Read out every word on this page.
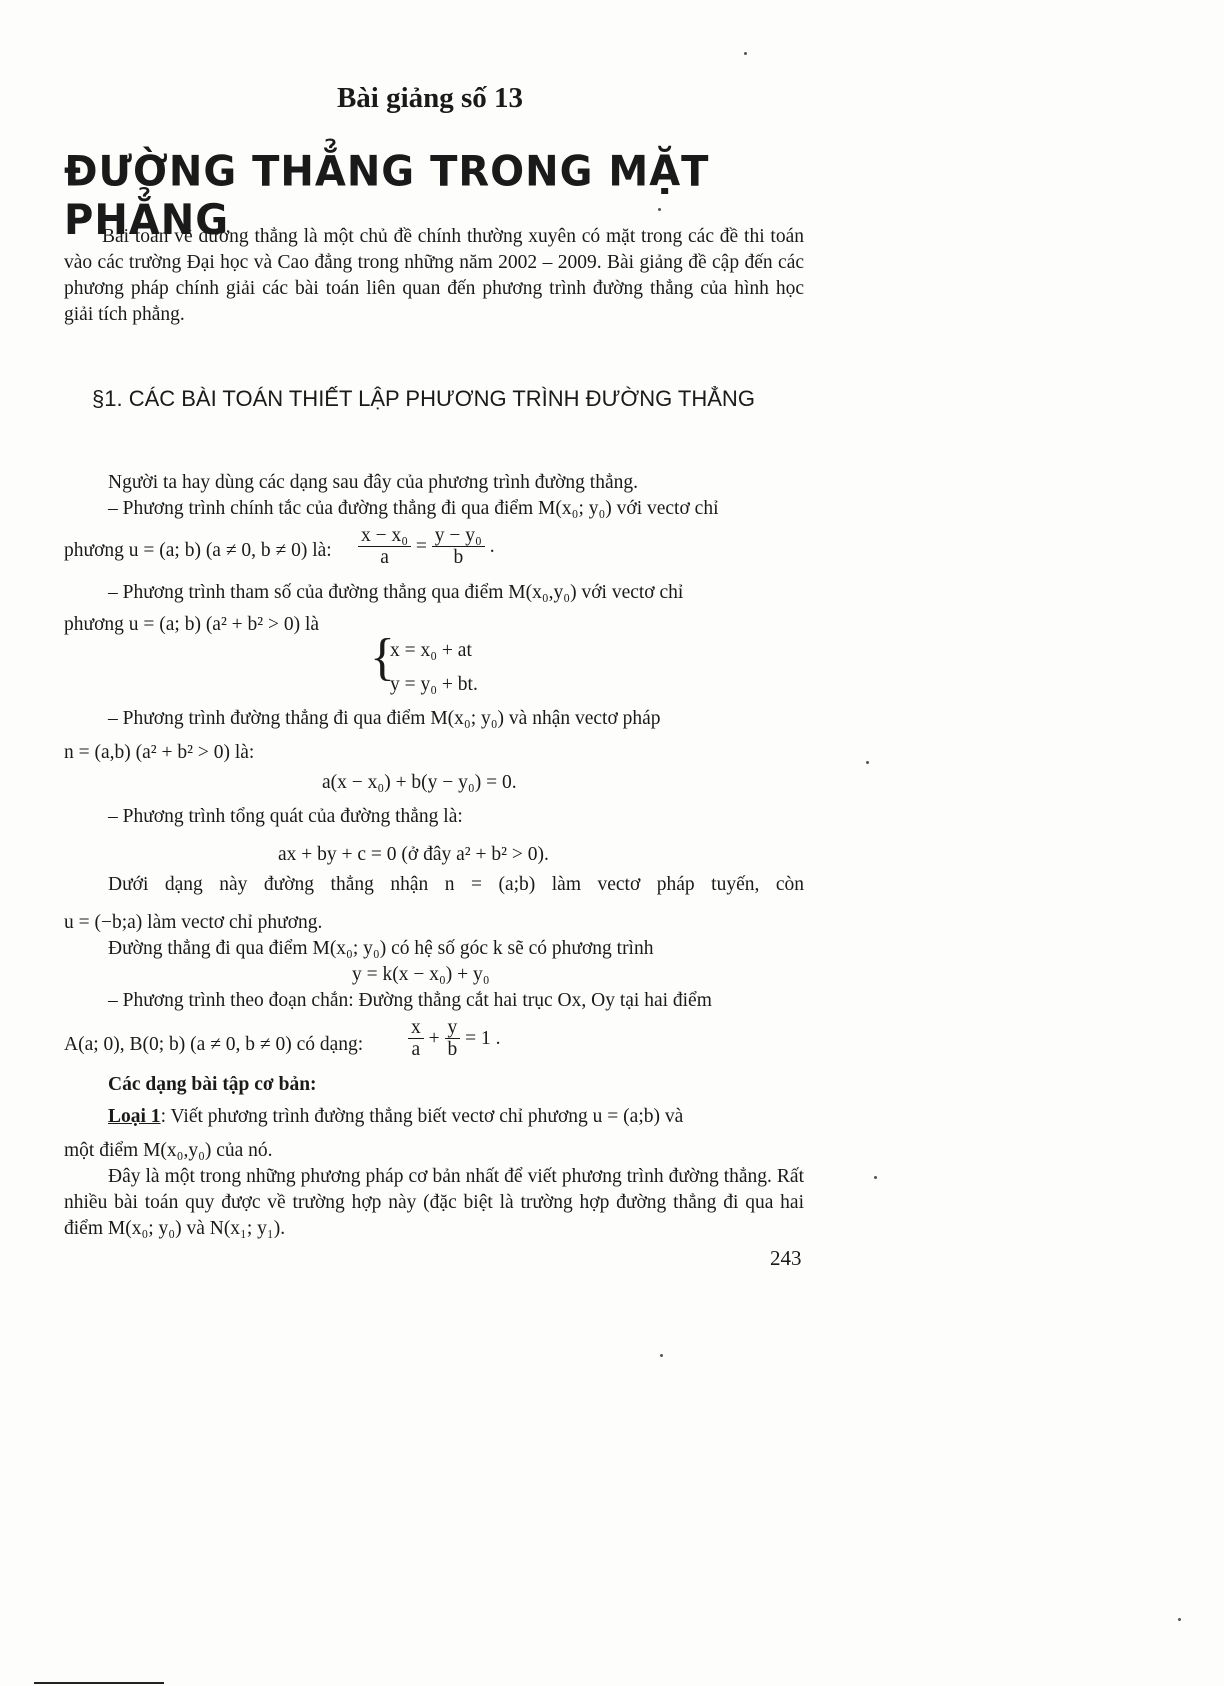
Bài giảng số 13
ĐƯỜNG THẲNG TRONG MẶT PHẲNG
Bài toán về đường thẳng là một chủ đề chính thường xuyên có mặt trong các đề thi toán vào các trường Đại học và Cao đẳng trong những năm 2002 – 2009. Bài giảng đề cập đến các phương pháp chính giải các bài toán liên quan đến phương trình đường thẳng của hình học giải tích phẳng.
§1. CÁC BÀI TOÁN THIẾT LẬP PHƯƠNG TRÌNH ĐƯỜNG THẲNG
Người ta hay dùng các dạng sau đây của phương trình đường thẳng.
– Phương trình chính tắc của đường thẳng đi qua điểm M(x₀; y₀) với vectơ chỉ
phương u = (a; b) (a ≠ 0, b ≠ 0) là: $\frac{\text{x − x₀}}{a} = \frac{\text{y − y₀}}{b}$ .
– Phương trình tham số của đường thẳng qua điểm M(x₀,y₀) với vectơ chỉ
phương u = (a; b) (a² + b² > 0) là
{
x = x₀ + at
y = y₀ + bt.
– Phương trình đường thẳng đi qua điểm M(x₀; y₀) và nhận vectơ pháp
n = (a,b) (a² + b² > 0) là:
a(x − x₀) + b(y − y₀) = 0.
– Phương trình tổng quát của đường thẳng là:
ax + by + c = 0 (ở đây a² + b² > 0).
Dưới dạng này đường thẳng nhận n = (a;b) làm vectơ pháp tuyến, còn
u = (−b;a) làm vectơ chỉ phương.
Đường thẳng đi qua điểm M(x₀; y₀) có hệ số góc k sẽ có phương trình
y = k(x − x₀) + y₀
– Phương trình theo đoạn chắn: Đường thẳng cắt hai trục Ox, Oy tại hai điểm
A(a; 0), B(0; b) (a ≠ 0, b ≠ 0) có dạng: $\frac{x}{a} + \frac{y}{b} = 1$ .
Các dạng bài tập cơ bản:
Loại 1: Viết phương trình đường thẳng biết vectơ chỉ phương u = (a;b) và
một điểm M(x₀,y₀) của nó.
Đây là một trong những phương pháp cơ bản nhất để viết phương trình đường thẳng. Rất nhiều bài toán quy được về trường hợp này (đặc biệt là trường hợp đường thẳng đi qua hai điểm M(x₀; y₀) và N(x₁; y₁).
243
